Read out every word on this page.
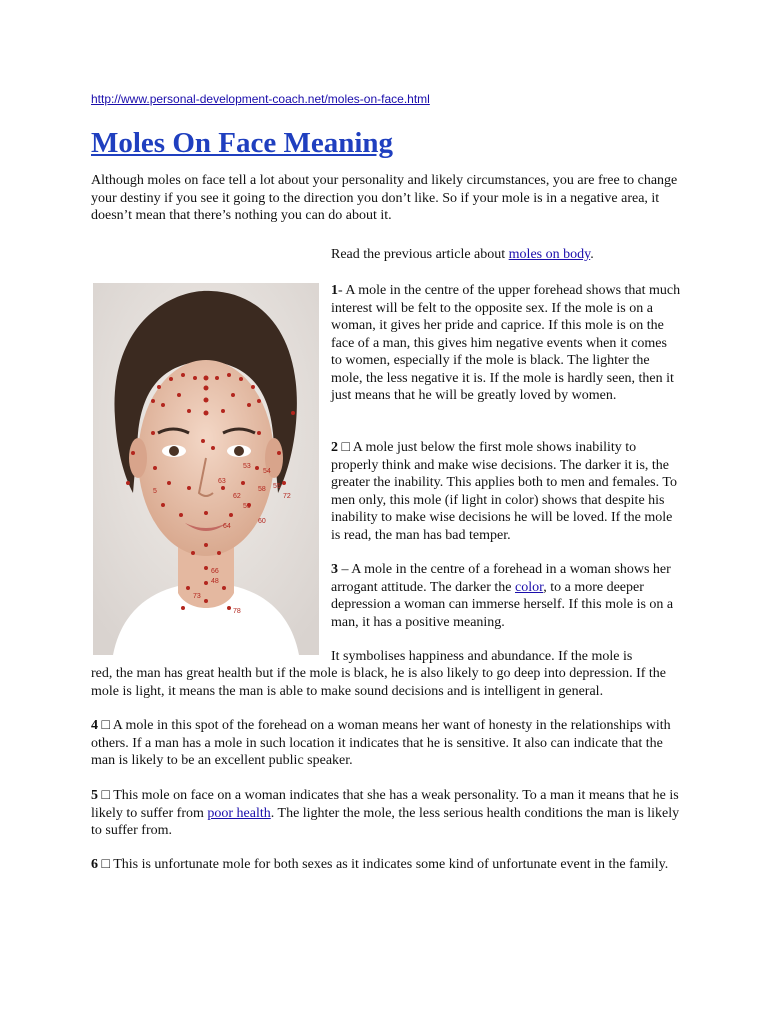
http://www.personal-development-coach.net/moles-on-face.html
Moles On Face Meaning

Although moles on face tell a lot about your personality and likely circumstances, you are free to change your destiny if you see it going to the direction you don’t like. So if your mole is in a negative area, it doesn’t mean that there’s nothing you can do about it.

Read the previous article about moles on body.

54
58
72
62
5
53
63
48
55
59
60
64
66
73
78

1- A mole in the centre of the upper forehead shows that much interest will be felt to the opposite sex. If the mole is on a woman, it gives her pride and caprice. If this mole is on the face of a man, this gives him negative events when it comes to women, especially if the mole is black. The lighter the mole, the less negative it is. If the mole is hardly seen, then it just means that he will be greatly loved by women.

2 □ A mole just below the first mole shows inability to properly think and make wise decisions. The darker it is, the greater the inability. This applies both to men and females. To men only, this mole (if light in color) shows that despite his inability to make wise decisions he will be loved. If the mole is read, the man has bad temper.

3 – A mole in the centre of a forehead in a woman shows her arrogant attitude. The darker the color, to a more deeper depression a woman can immerse herself. If this mole is on a man, it has a positive meaning.

It symbolises happiness and abundance. If the mole is

red, the man has great health but if the mole is black, he is also likely to go deep into depression. If the mole is light, it means the man is able to make sound decisions and is intelligent in general.

4 □ A mole in this spot of the forehead on a woman means her want of honesty in the relationships with others. If a man has a mole in such location it indicates that he is sensitive. It also can indicate that the man is likely to be an excellent public speaker.

5 □ This mole on face on a woman indicates that she has a weak personality. To a man it means that he is likely to suffer from poor health. The lighter the mole, the less serious health conditions the man is likely to suffer from.

6 □ This is unfortunate mole for both sexes as it indicates some kind of unfortunate event in the family.
